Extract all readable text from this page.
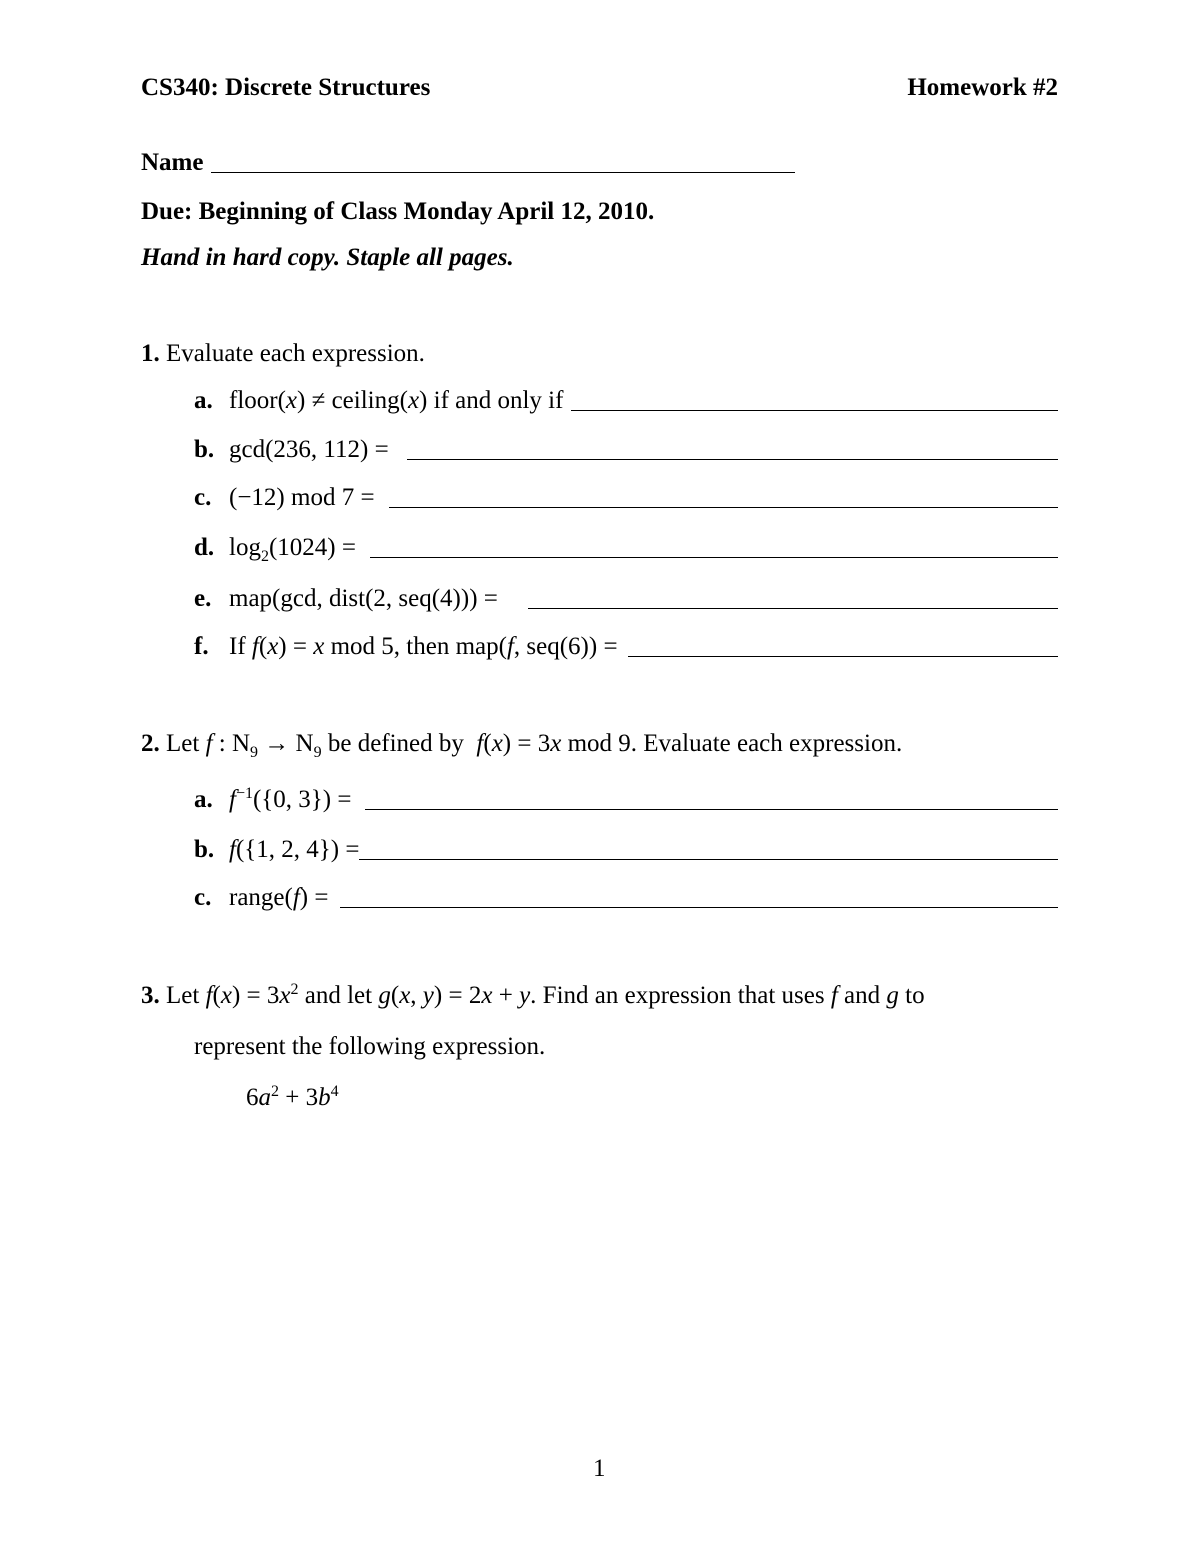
CS340: Discrete Structures	Homework #2
Name
Due: Beginning of Class Monday April 12, 2010.
Hand in hard copy. Staple all pages.
1. Evaluate each expression.
a. floor(x) ≠ ceiling(x) if and only if
b. gcd(236, 112) =
c. (−12) mod 7 =
d. $\log_2(1024)$ =
e. map(gcd, dist(2, seq(4))) =
f. If f(x) = x mod 5, then map(f, seq(6)) =
2. Let f : $N_9 \to N_9$ be defined by  f(x) = 3x mod 9. Evaluate each expression.
a. $f^{-1}(\{0$, 3}) =
b. f({1, 2, 4}) =
c. range(f) =
3. Let $f(x) = 3x^2$ and let g(x, y) = 2x + y. Find an expression that uses f and g to
represent the following expression.
$6a^2 + 3b^4$
1
